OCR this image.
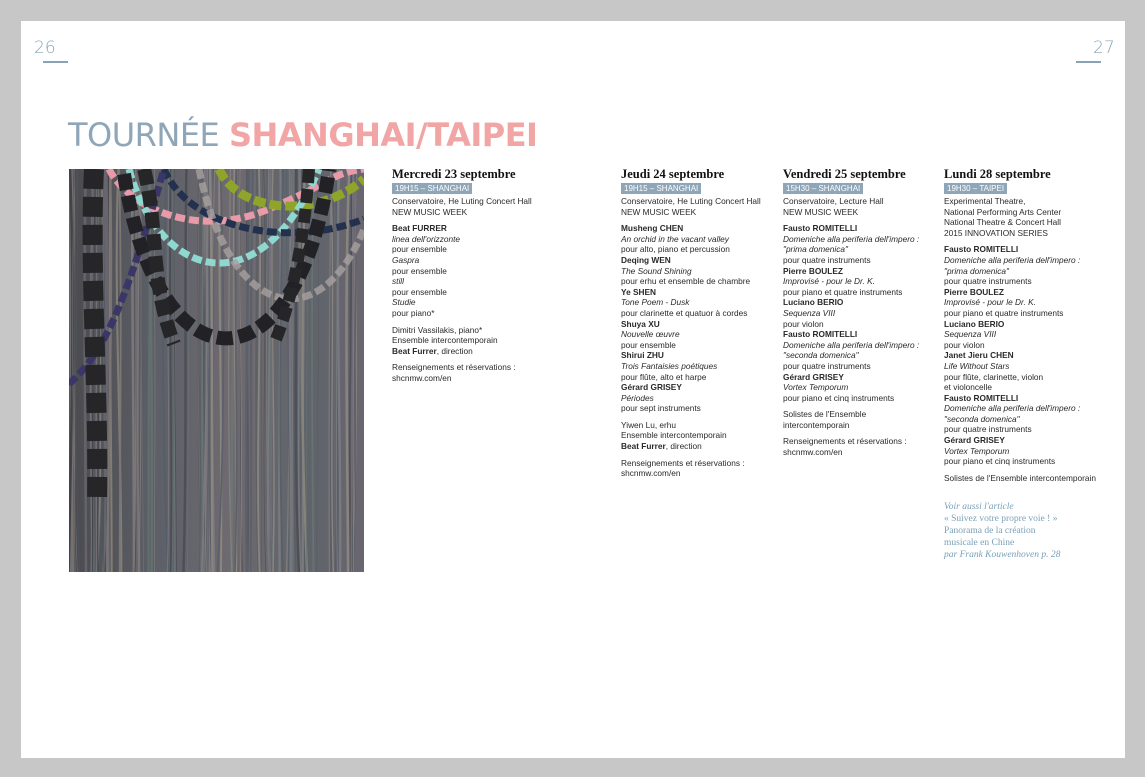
26	27
TOURNÉE SHANGHAI/TAIPEI
Mercredi 23 septembre
19H15 – SHANGHAI
Conservatoire, He Luting Concert Hall
NEW MUSIC WEEK
Beat FURRER
linea dell'orizzonte
pour ensemble
Gaspra
pour ensemble
still
pour ensemble
Studie
pour piano*
Dimitri Vassilakis, piano*
Ensemble intercontemporain
Beat Furrer, direction
Renseignements et réservations :
shcnmw.com/en
Jeudi 24 septembre
19H15 – SHANGHAI
Conservatoire, He Luting Concert Hall
NEW MUSIC WEEK
Musheng CHEN
An orchid in the vacant valley
pour alto, piano et percussion
Deqing WEN
The Sound Shining
pour erhu et ensemble de chambre
Ye SHEN
Tone Poem - Dusk
pour clarinette et quatuor à cordes
Shuya XU
Nouvelle œuvre
pour ensemble
Shirui ZHU
Trois Fantaisies poétiques
pour flûte, alto et harpe
Gérard GRISEY
Périodes
pour sept instruments
Yiwen Lu, erhu
Ensemble intercontemporain
Beat Furrer, direction
Renseignements et réservations :
shcnmw.com/en
Vendredi 25 septembre
15H30 – SHANGHAI
Conservatoire, Lecture Hall
NEW MUSIC WEEK
Fausto ROMITELLI
Domeniche alla periferia dell'impero :
"prima domenica"
pour quatre instruments
Pierre BOULEZ
Improvisé - pour le Dr. K.
pour piano et quatre instruments
Luciano BERIO
Sequenza VIII
pour violon
Fausto ROMITELLI
Domeniche alla periferia dell'impero :
"seconda domenica"
pour quatre instruments
Gérard GRISEY
Vortex Temporum
pour piano et cinq instruments
Solistes de l'Ensemble
intercontemporain
Renseignements et réservations :
shcnmw.com/en
Lundi 28 septembre
19H30 – TAIPEI
Experimental Theatre,
National Performing Arts Center
National Theatre & Concert Hall
2015 INNOVATION SERIES
Fausto ROMITELLI
Domeniche alla periferia dell'impero :
"prima domenica"
pour quatre instruments
Pierre BOULEZ
Improvisé - pour le Dr. K.
pour piano et quatre instruments
Luciano BERIO
Sequenza VIII
pour violon
Janet Jieru CHEN
Life Without Stars
pour flûte, clarinette, violon
et violoncelle
Fausto ROMITELLI
Domeniche alla periferia dell'impero :
"seconda domenica"
pour quatre instruments
Gérard GRISEY
Vortex Temporum
pour piano et cinq instruments
Solistes de l'Ensemble intercontemporain
Voir aussi l'article
« Suivez votre propre voie ! »
Panorama de la création
musicale en Chine
par Frank Kouwenhoven p. 28
